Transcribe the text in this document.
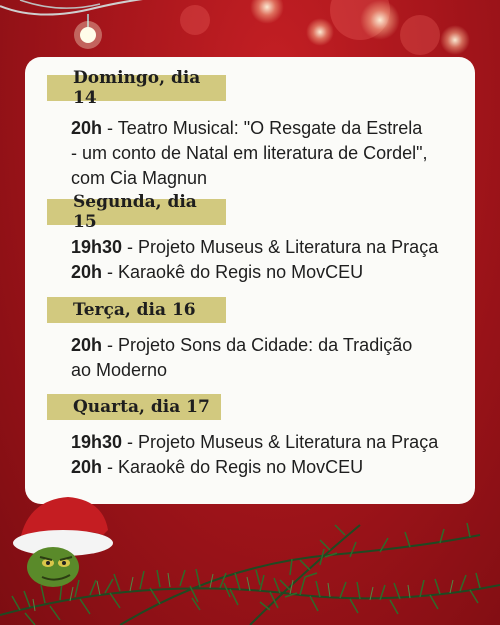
Domingo, dia 14

20h - Teatro Musical: "O Resgate da Estrela

- um conto de Natal em literatura de Cordel",

com Cia Magnun

Segunda, dia 15

19h30 - Projeto Museus & Literatura na Praça

20h - Karaokê do Regis no MovCEU

Terça, dia 16

20h - Projeto Sons da Cidade: da Tradição

ao Moderno

Quarta, dia 17

19h30 - Projeto Museus & Literatura na Praça

20h - Karaokê do Regis no MovCEU
